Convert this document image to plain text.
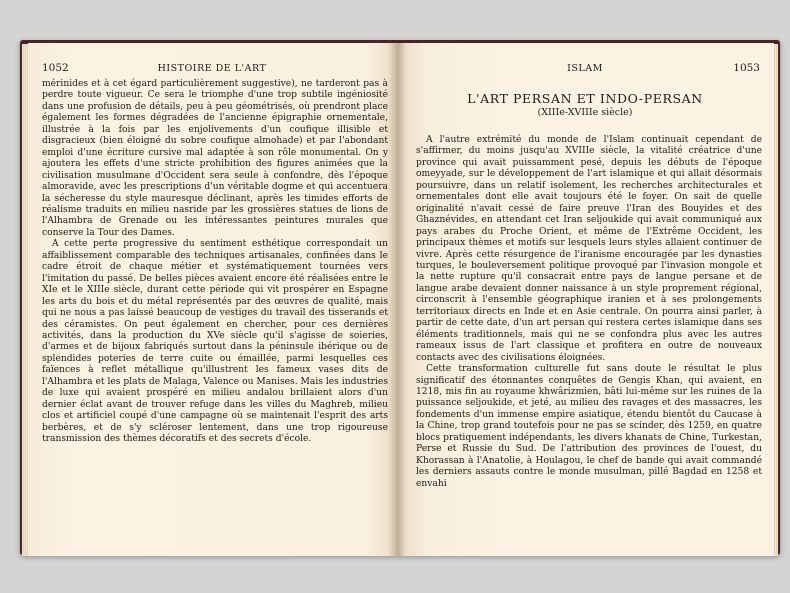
1052	HISTOIRE DE L'ART

mérinides et à cet égard particulièrement suggestive), ne tarderont pas à perdre toute vigueur. Ce sera le triomphe d'une trop subtile ingéniosité dans une profusion de détails, peu à peu géométrisés, où prendront place également les formes dégradées de l'ancienne épigraphie ornementale, illustrée à la fois par les enjolivements d'un coufique illisible et disgracieux (bien éloigné du sobre coufique almohade) et par l'abondant emploi d'une écriture cursive mal adaptée à son rôle monumental. On y ajoutera les effets d'une stricte prohibition des figures animées que la civilisation musulmane d'Occident sera seule à confondre, dès l'époque almoravide, avec les prescriptions d'un véritable dogme et qui accentuera la sécheresse du style mauresque déclinant, après les timides efforts de réalisme traduits en milieu nasride par les grossières statues de lions de l'Alhambra de Grenade ou les intéressantes peintures murales que conserve la Tour des Dames.

A cette perte progressive du sentiment esthétique correspondait un affaiblissement comparable des techniques artisanales, confinées dans le cadre étroit de chaque métier et systématiquement tournées vers l'imitation du passé. De belles pièces avaient encore été réalisées entre le XIe et le XIIIe siècle, durant cette période qui vit prospérer en Espagne les arts du bois et du métal représentés par des œuvres de qualité, mais qui ne nous a pas laissé beaucoup de vestiges du travail des tisserands et des céramistes. On peut également en chercher, pour ces dernières activités, dans la production du XVe siècle qu'il s'agisse de soieries, d'armes et de bijoux fabriqués surtout dans la péninsule ibérique ou de splendides poteries de terre cuite ou émaillée, parmi lesquelles ces faïences à reflet métallique qu'illustrent les fameux vases dits de l'Alhambra et les plats de Malaga, Valence ou Manises. Mais les industries de luxe qui avaient prospéré en milieu andalou brillaient alors d'un dernier éclat avant de trouver refuge dans les villes du Maghreb, milieu clos et artificiel coupé d'une campagne où se maintenait l'esprit des arts berbères, et de s'y scléroser lentement, dans une trop rigoureuse transmission des thèmes décoratifs et des secrets d'école.

ISLAM	1053
L'ART PERSAN ET INDO-PERSAN
(XIIIe-XVIIIe siècle)

A l'autre extrémité du monde de l'Islam continuait cependant de s'affirmer, du moins jusqu'au XVIIIe siècle, la vitalité créatrice d'une province qui avait puissamment pesé, depuis les débuts de l'époque omeyyade, sur le développement de l'art islamique et qui allait désormais poursuivre, dans un relatif isolement, les recherches architecturales et ornementales dont elle avait toujours été le foyer. On sait de quelle originalité n'avait cessé de faire preuve l'Iran des Bouyides et des Ghaznévides, en attendant cet Iran seljoukide qui avait communiqué aux pays arabes du Proche Orient, et même de l'Extrême Occident, les principaux thèmes et motifs sur lesquels leurs styles allaient continuer de vivre. Après cette résurgence de l'iranisme encouragée par les dynasties turques, le bouleversement politique provoqué par l'invasion mongole et la nette rupture qu'il consacrait entre pays de langue persane et de langue arabe devaient donner naissance à un style proprement régional, circonscrit à l'ensemble géographique iranien et à ses prolongements territoriaux directs en Inde et en Asie centrale. On pourra ainsi parler, à partir de cette date, d'un art persan qui restera certes islamique dans ses éléments traditionnels, mais qui ne se confondra plus avec les autres rameaux issus de l'art classique et profitera en outre de nouveaux contacts avec des civilisations éloignées.

Cette transformation culturelle fut sans doute le résultat le plus significatif des étonnantes conquêtes de Gengis Khan, qui avaient, en 1218, mis fin au royaume khwârizmien, bâti lui-même sur les ruines de la puissance seljoukide, et jeté, au milieu des ravages et des massacres, les fondements d'un immense empire asiatique, étendu bientôt du Caucase à la Chine, trop grand toutefois pour ne pas se scinder, dès 1259, en quatre blocs pratiquement indépendants, les divers khanats de Chine, Turkestan, Perse et Russie du Sud. De l'attribution des provinces de l'ouest, du Khorassan à l'Anatolie, à Houlagou, le chef de bande qui avait commandé les derniers assauts contre le monde musulman, pillé Bagdad en 1258 et envahi
